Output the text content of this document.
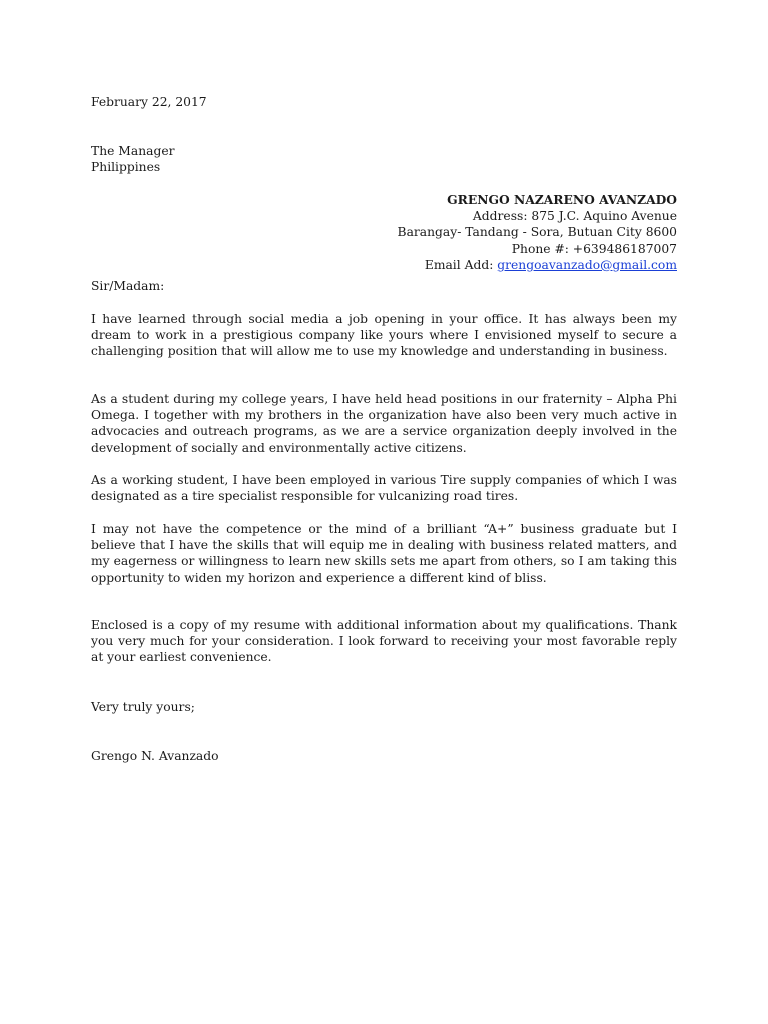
February 22, 2017
The Manager
Philippines
GRENGO NAZARENO AVANZADO
Address: 875 J.C. Aquino Avenue
Barangay- Tandang - Sora, Butuan City 8600
Phone #: +639486187007
Email Add: grengoavanzado@gmail.com
Sir/Madam:

I have learned through social media a job opening in your office. It has always been my dream to work in a prestigious company like yours where I envisioned myself to secure a challenging position that will allow me to use my knowledge and understanding in business.

As a student during my college years, I have held head positions in our fraternity – Alpha Phi Omega. I together with my brothers in the organization have also been very much active in advocacies and outreach programs, as we are a service organization deeply involved in the development of socially and environmentally active citizens.

As a working student, I have been employed in various Tire supply companies of which I was designated as a tire specialist responsible for vulcanizing road tires.

I may not have the competence or the mind of a brilliant “A+” business graduate but I believe that I have the skills that will equip me in dealing with business related matters, and my eagerness or willingness to learn new skills sets me apart from others, so I am taking this opportunity to widen my horizon and experience a different kind of bliss.

Enclosed is a copy of my resume with additional information about my qualifications. Thank you very much for your consideration. I look forward to receiving your most favorable reply at your earliest convenience.

Very truly yours;
Grengo N. Avanzado
